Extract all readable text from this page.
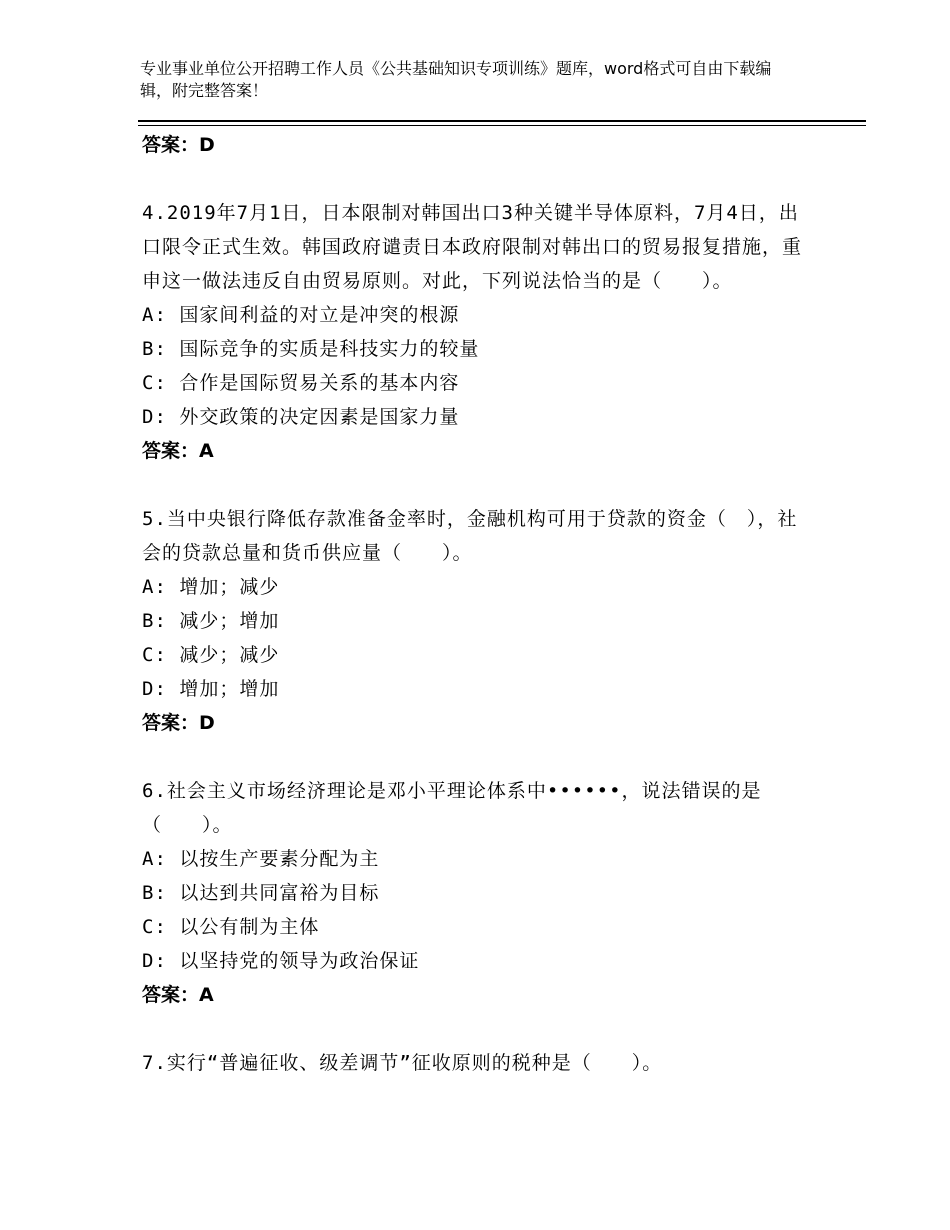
专业事业单位公开招聘工作人员《公共基础知识专项训练》题库，word格式可自由下载编辑，附完整答案！
答案：D
4.2019年7月1日，日本限制对韩国出口3种关键半导体原料，7月4日，出口限令正式生效。韩国政府谴责日本政府限制对韩出口的贸易报复措施，重申这一做法违反自由贸易原则。对此，下列说法恰当的是（　　）。
A: 国家间利益的对立是冲突的根源
B: 国际竞争的实质是科技实力的较量
C: 合作是国际贸易关系的基本内容
D: 外交政策的决定因素是国家力量
答案：A
5.当中央银行降低存款准备金率时，金融机构可用于贷款的资金（　），社会的贷款总量和货币供应量（　　）。
A: 增加；减少
B: 减少；增加
C: 减少；减少
D: 增加；增加
答案：D
6.社会主义市场经济理论是邓小平理论体系中••••••，说法错误的是（　　）。
A: 以按生产要素分配为主
B: 以达到共同富裕为目标
C: 以公有制为主体
D: 以坚持党的领导为政治保证
答案：A
7.实行“普遍征收、级差调节”征收原则的税种是（　　）。
